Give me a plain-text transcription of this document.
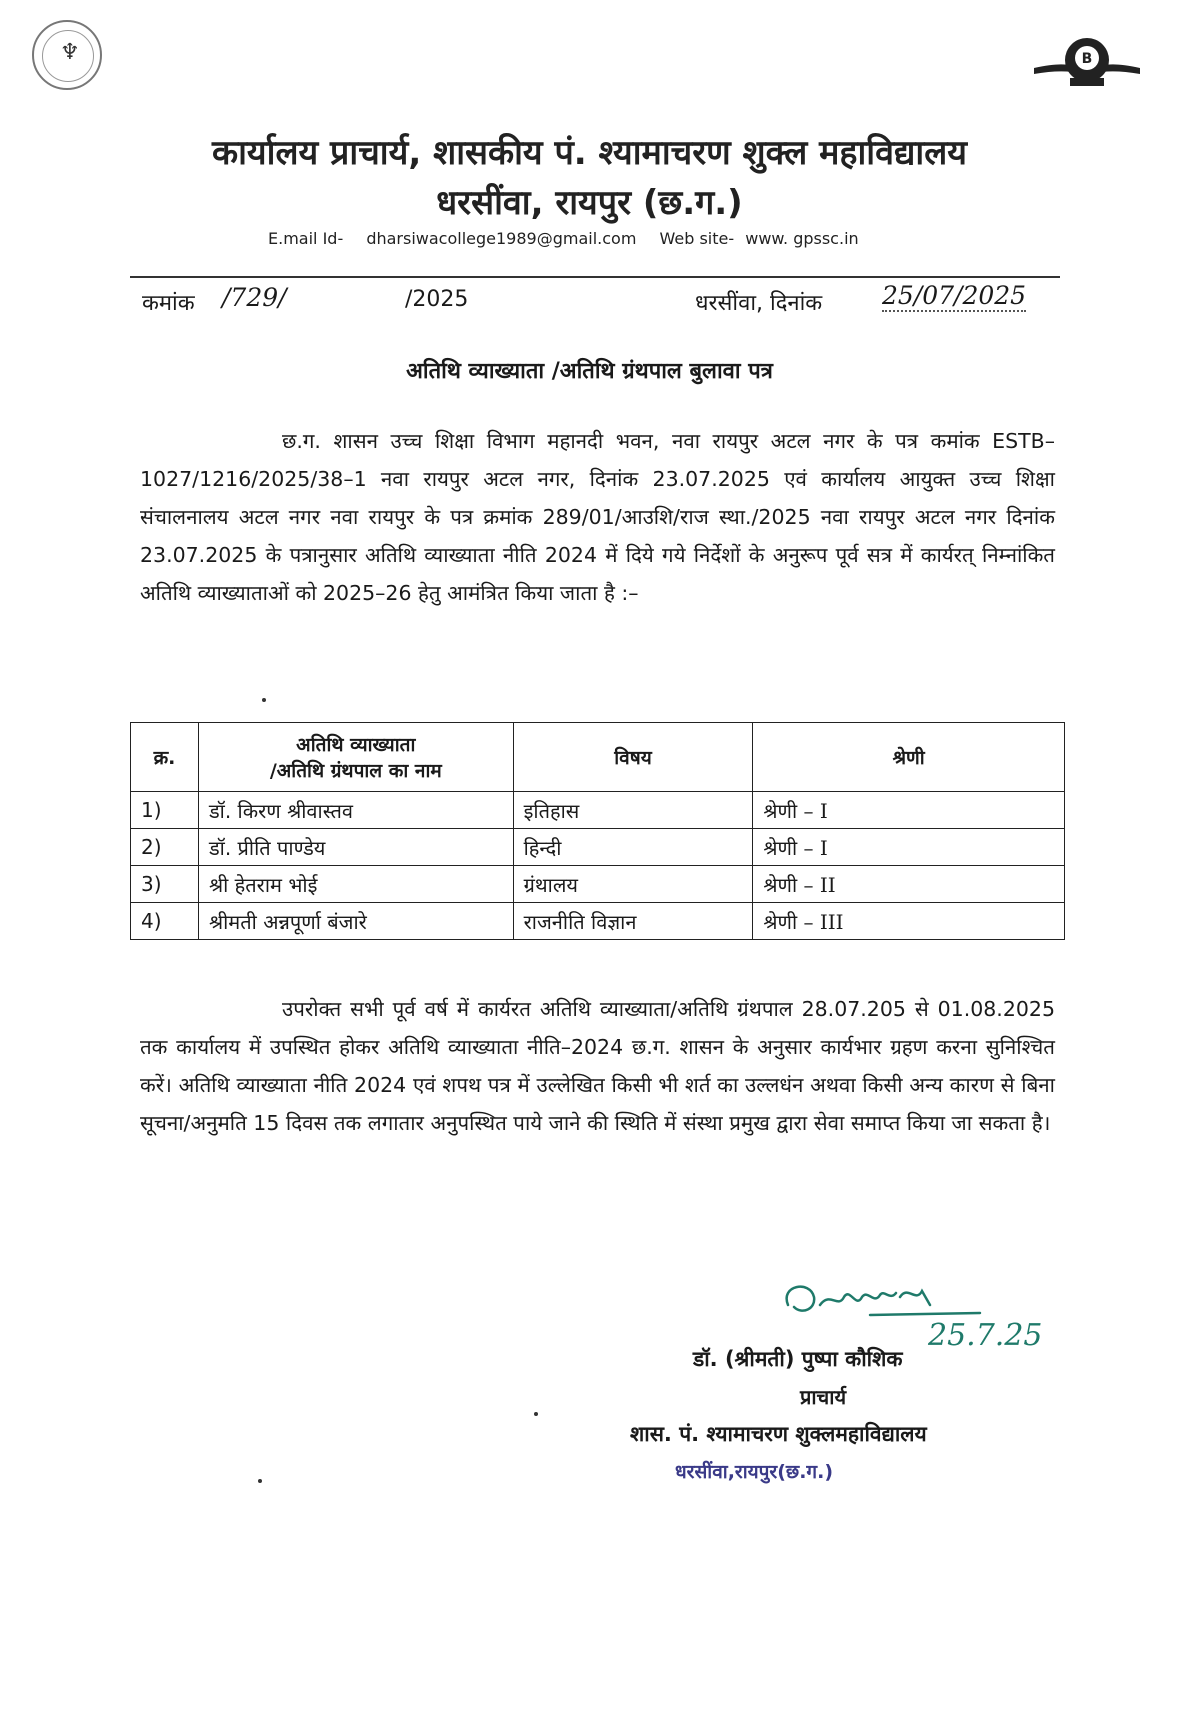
♆	B
कार्यालय प्राचार्य, शासकीय पं. श्यामाचरण शुक्ल महाविद्यालय
धरसींवा, रायपुर (छ.ग.)
E.mail Id- dharsiwacollege1989@gmail.com Web site- www. gpssc.in
कमांक /729/	/2025	धरसींवा, दिनांक 25/07/2025
अतिथि व्याख्याता /अतिथि ग्रंथपाल बुलावा पत्र

छ.ग. शासन उच्च शिक्षा विभाग महानदी भवन, नवा रायपुर अटल नगर के पत्र कमांक ESTB–1027/1216/2025/38–1 नवा रायपुर अटल नगर, दिनांक 23.07.2025 एवं कार्यालय आयुक्त उच्च शिक्षा संचालनालय अटल नगर नवा रायपुर के पत्र क्रमांक 289/01/आउशि/राज स्था./2025 नवा रायपुर अटल नगर दिनांक 23.07.2025 के पत्रानुसार अतिथि व्याख्याता नीति 2024 में दिये गये निर्देशों के अनुरूप पूर्व सत्र में कार्यरत् निम्नांकित अतिथि व्याख्याताओं को 2025–26 हेतु आमंत्रित किया जाता है :–

क्र.	अतिथि व्याख्याता
/अतिथि ग्रंथपाल का नाम	विषय	श्रेणी
1)	डॉ. किरण श्रीवास्तव	इतिहास	श्रेणी – I
2)	डॉ. प्रीति पाण्डेय	हिन्दी	श्रेणी – I
3)	श्री हेतराम भोई	ग्रंथालय	श्रेणी – II
4)	श्रीमती अन्नपूर्णा बंजारे	राजनीति विज्ञान	श्रेणी – III

उपरोक्त सभी पूर्व वर्ष में कार्यरत अतिथि व्याख्याता/अतिथि ग्रंथपाल 28.07.205 से 01.08.2025 तक कार्यालय में उपस्थित होकर अतिथि व्याख्याता नीति–2024 छ.ग. शासन के अनुसार कार्यभार ग्रहण करना सुनिश्चित करें। अतिथि व्याख्याता नीति 2024 एवं शपथ पत्र में उल्लेखित किसी भी शर्त का उल्लधंन अथवा किसी अन्य कारण से बिना सूचना/अनुमति 15 दिवस तक लगातार अनुपस्थित पाये जाने की स्थिति में संस्था प्रमुख द्वारा सेवा समाप्त किया जा सकता है।

25.7.25
डॉ. (श्रीमती) पुष्पा कौशिक
प्राचार्य
शास. पं. श्यामाचरण शुक्लमहाविद्यालय
धरसींवा,रायपुर(छ.ग.)
